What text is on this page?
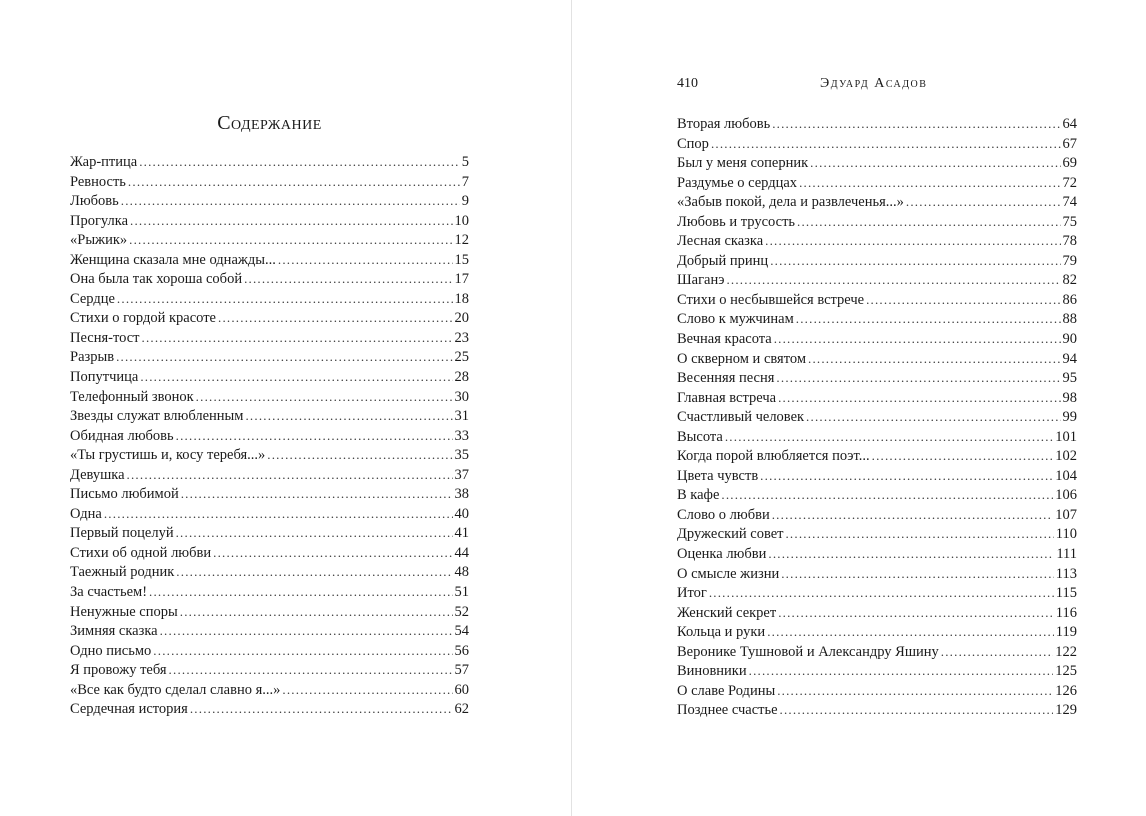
Содержание
Жар-птица .....	5
Ревность .....	7
Любовь .....	9
Прогулка .....	10
«Рыжик» .....	12
Женщина сказала мне однажды... .....	15
Она была так хороша собой .....	17
Сердце .....	18
Стихи о гордой красоте .....	20
Песня-тост .....	23
Разрыв .....	25
Попутчица .....	28
Телефонный звонок .....	30
Звезды служат влюбленным .....	31
Обидная любовь .....	33
«Ты грустишь и, косу теребя...» .....	35
Девушка .....	37
Письмо любимой .....	38
Одна .....	40
Первый поцелуй .....	41
Стихи об одной любви .....	44
Таежный родник .....	48
За счастьем! .....	51
Ненужные споры .....	52
Зимняя сказка .....	54
Одно письмо .....	56
Я провожу тебя .....	57
«Все как будто сделал славно я...» .....	60
Сердечная история .....	62
410	Эдуард Асадов
Вторая любовь .....	64
Спор .....	67
Был у меня соперник .....	69
Раздумье о сердцах .....	72
«Забыв покой, дела и развлеченья...» .....	74
Любовь и трусость .....	75
Лесная сказка .....	78
Добрый принц .....	79
Шаганэ .....	82
Стихи о несбывшейся встрече .....	86
Слово к мужчинам .....	88
Вечная красота .....	90
О скверном и святом .....	94
Весенняя песня .....	95
Главная встреча .....	98
Счастливый человек .....	99
Высота .....	101
Когда порой влюбляется поэт... .....	102
Цвета чувств .....	104
В кафе .....	106
Слово о любви .....	107
Дружеский совет .....	110
Оценка любви .....	111
О смысле жизни .....	113
Итог .....	115
Женский секрет .....	116
Кольца и руки .....	119
Веронике Тушновой и Александру Яшину .....	122
Виновники .....	125
О славе Родины .....	126
Позднее счастье .....	129
